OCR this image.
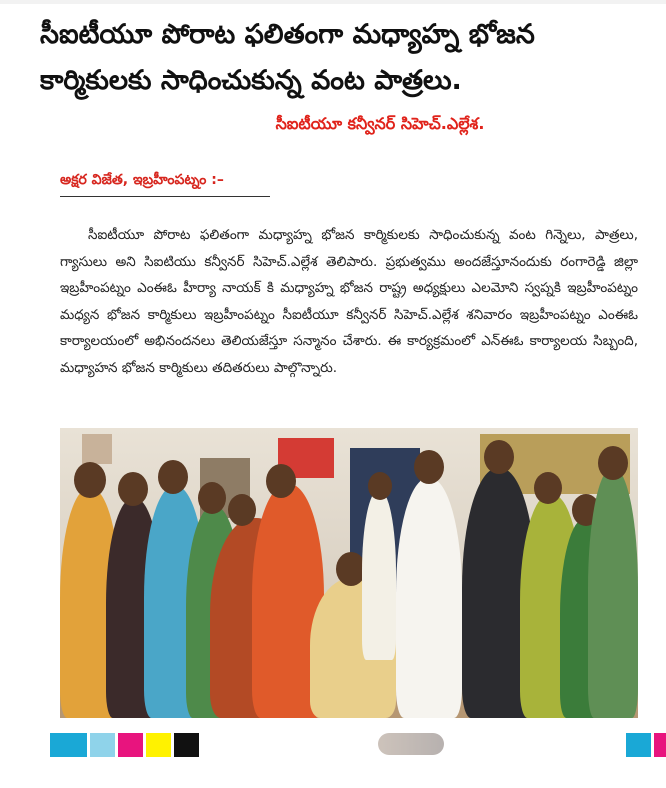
సీఐటీయూ పోరాట ఫలితంగా మధ్యాహ్న భోజన కార్మికులకు సాధించుకున్న వంట పాత్రలు.
సీఐటీయూ కన్వీనర్ సిహెచ్.ఎల్లేశ.
అక్షర విజేత, ఇబ్రహీంపట్నం :–

సీఐటీయూ పోరాట ఫలితంగా మధ్యాహ్న భోజన కార్మికులకు సాధించుకున్న వంట గిన్నెలు, పాత్రలు, గ్యాసులు అని సిఐటియు కన్వీనర్ సిహెచ్.ఎల్లేశ తెలిపారు. ప్రభుత్వము అందజేస్తూనందుకు రంగారెడ్డి జిల్లా ఇబ్రహీంపట్నం ఎంఈఓ హీర్యా నాయక్ కి మధ్యాహ్న భోజన రాష్ట్ర అధ్యక్షులు ఎలమోని స్వప్నకి ఇబ్రహీంపట్నం మధ్యన భోజన కార్మికులు ఇబ్రహీంపట్నం సీఐటీయూ కన్వీనర్ సిహెచ్.ఎల్లేశ శనివారం ఇబ్రహీంపట్నం ఎంఈఓ కార్యాలయంలో అభినందనలు తెలియజేస్తూ సన్మానం చేశారు. ఈ కార్యక్రమంలో ఎన్ఈఓ కార్యాలయ సిబ్బంది, మధ్యాహన భోజన కార్మికులు తదితరులు పాల్గొన్నారు.
